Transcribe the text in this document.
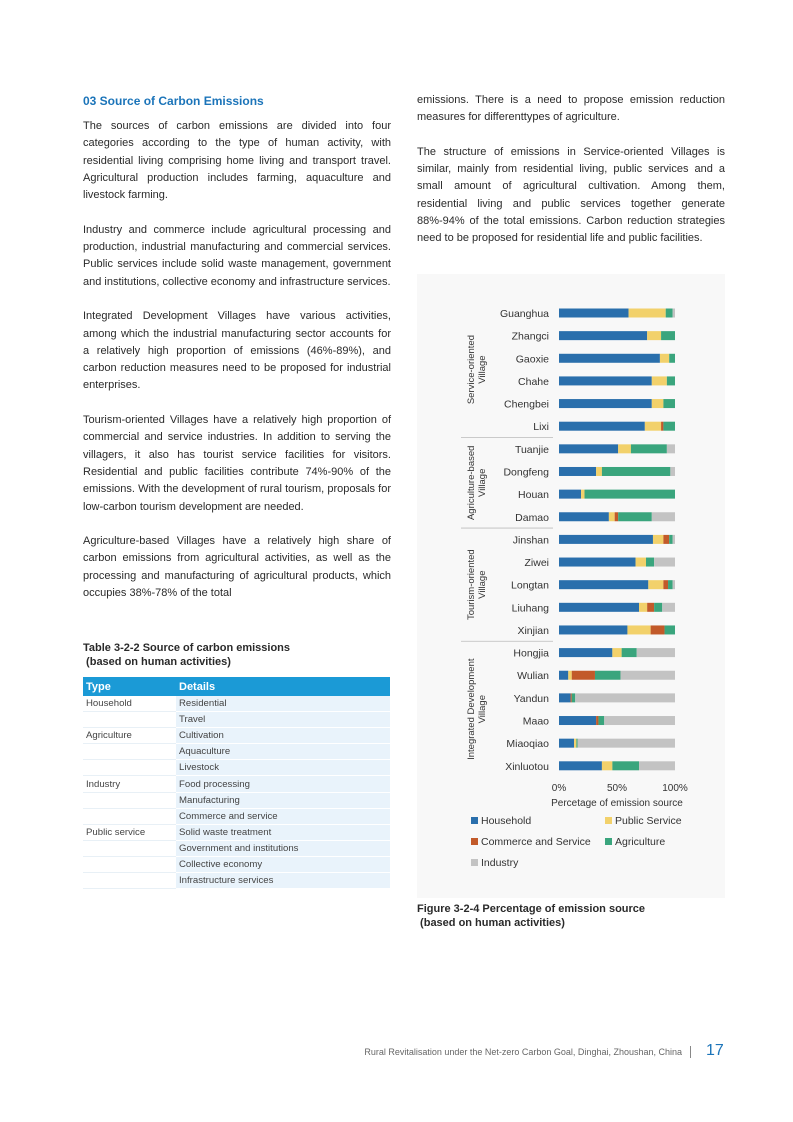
03 Source of Carbon Emissions

The sources of carbon emissions are divided into four categories according to the type of human activity, with residential living comprising home living and transport travel. Agricultural production includes farming, aquaculture and livestock farming.

Industry and commerce include agricultural processing and production, industrial manufacturing and commercial services. Public services include solid waste management, government and institutions, collective economy and infrastructure services.

Integrated Development Villages have various activities, among which the industrial manufacturing sector accounts for a relatively high proportion of emissions (46%-89%), and carbon reduction measures need to be proposed for industrial enterprises.

Tourism-oriented Villages have a relatively high proportion of commercial and service industries. In addition to serving the villagers, it also has tourist service facilities for visitors. Residential and public facilities contribute 74%-90% of the emissions. With the development of rural tourism, proposals for low-carbon tourism development are needed.

Agriculture-based Villages have a relatively high share of carbon emissions from agricultural activities, as well as the processing and manufacturing of agricultural products, which occupies 38%-78% of the total

emissions. There is a need to propose emission reduction measures for differenttypes of agriculture.

The structure of emissions in Service-oriented Villages is similar, mainly from residential living, public services and a small amount of agricultural cultivation. Among them, residential living and public services together generate 88%-94% of the total emissions. Carbon reduction strategies need to be proposed for residential life and public facilities.

Table 3-2-2 Source of carbon emissions
(based on human activities)
Type	Details
Household	Residential
	Travel
Agriculture	Cultivation
	Aquaculture
	Livestock
Industry	Food processing
	Manufacturing
	Commerce and service
Public service	Solid waste treatment
	Government and institutions
	Collective economy
	Infrastructure services
Guanghua
Zhangci
Gaoxie
Chahe
Chengbei
Lixi
Tuanjie
Dongfeng
Houan
Damao
Jinshan
Ziwei
Longtan
Liuhang
Xinjian
Hongjia
Wulian
Yandun
Maao
Miaoqiao
Xinluotou
Service-orientedVillage
Agriculture-basedVillage
Tourism-orientedVillage
Integrated DevelopmentVillage
0%	50%	100%
Percetage of emission source
Household	Public Service
Commerce and Service Agriculture
Industry
Figure 3-2-4 Percentage of emission source
(based on human activities)
Rural Revitalisation under the Net-zero Carbon Goal, Dinghai, Zhoushan, China 17
